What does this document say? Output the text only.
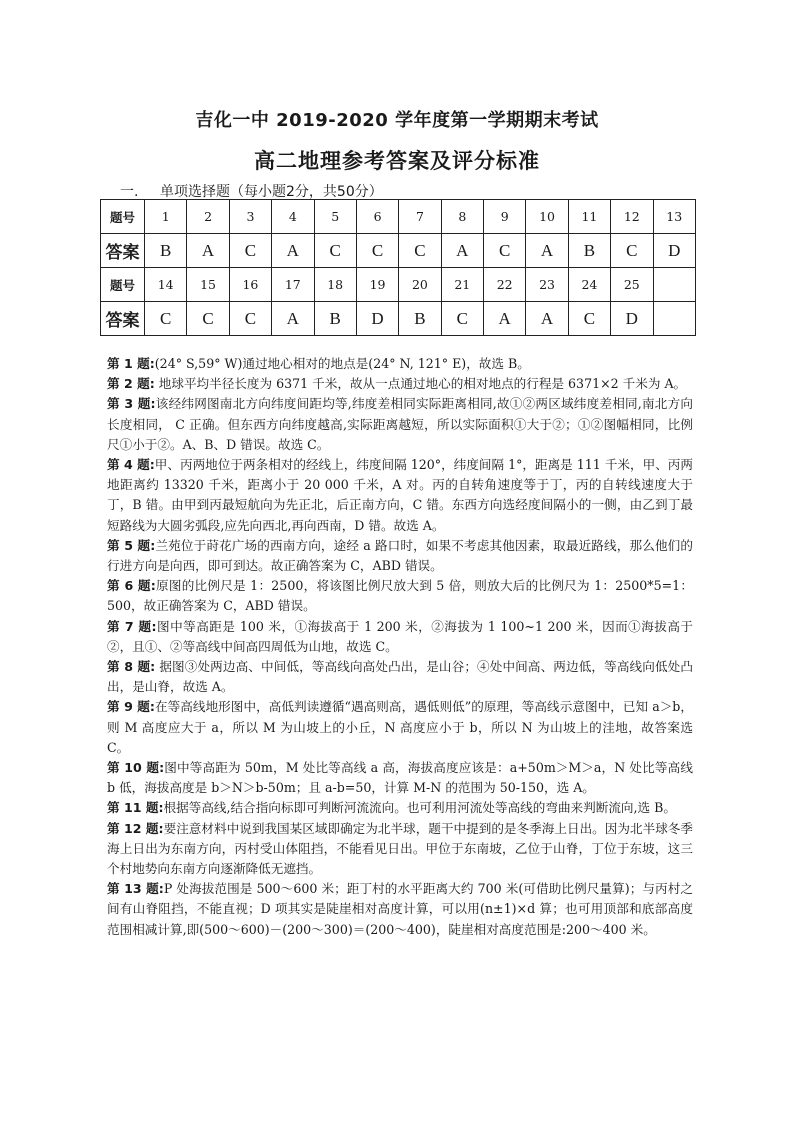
吉化一中 2019-2020 学年度第一学期期末考试
高二地理参考答案及评分标准
一. 单项选择题（每小题2分，共50分）
题号	1	2	3	4	5	6	7	8	9	10	11	12	13
答案	B	A	C	A	C	C	C	A	C	A	B	C	D
题号	14	15	16	17	18	19	20	21	22	23	24	25	
答案	C	C	C	A	B	D	B	C	A	A	C	D	

第 1 题:(24° S,59° W)通过地心相对的地点是(24° N, 121° E)，故选 B。

第 2 题: 地球平均半径长度为 6371 千米，故从一点通过地心的相对地点的行程是 6371×2 千米为 A。

第 3 题:该经纬网图南北方向纬度间距均等,纬度差相同实际距离相同,故①②两区域纬度差相同,南北方向长度相同， C 正确。但东西方向纬度越高,实际距离越短，所以实际面积①大于②；①②图幅相同，比例尺①小于②。A、B、D 错误。故选 C。

第 4 题:甲、丙两地位于两条相对的经线上，纬度间隔 120°，纬度间隔 1°，距离是 111 千米，甲、丙两地距离约 13320 千米，距离小于 20 000 千米，A 对。丙的自转角速度等于丁，丙的自转线速度大于丁，B 错。由甲到丙最短航向为先正北，后正南方向，C 错。东西方向选经度间隔小的一侧，由乙到丁最短路线为大圆劣弧段,应先向西北,再向西南，D 错。故选 A。

第 5 题:兰苑位于莳花广场的西南方向，途经 a 路口时，如果不考虑其他因素，取最近路线，那么他们的行进方向是向西，即可到达。故正确答案为 C，ABD 错误。

第 6 题:原图的比例尺是 1：2500，将该图比例尺放大到 5 倍，则放大后的比例尺为 1：2500*5=1：500，故正确答案为 C，ABD 错误。

第 7 题:图中等高距是 100 米，①海拔高于 1 200 米，②海拔为 1 100~1 200 米，因而①海拔高于②，且①、②等高线中间高四周低为山地，故选 C。

第 8 题: 据图③处两边高、中间低，等高线向高处凸出，是山谷；④处中间高、两边低，等高线向低处凸出，是山脊，故选 A。

第 9 题:在等高线地形图中，高低判读遵循“遇高则高，遇低则低”的原理，等高线示意图中，已知 a＞b，则 M 高度应大于 a，所以 M 为山坡上的小丘，N 高度应小于 b，所以 N 为山坡上的洼地，故答案选 C。

第 10 题:图中等高距为 50m，M 处比等高线 a 高，海拔高度应该是：a+50m＞M＞a，N 处比等高线 b 低，海拔高度是 b＞N＞b-50m；且 a-b=50，计算 M-N 的范围为 50-150，选 A。

第 11 题:根据等高线,结合指向标即可判断河流流向。也可利用河流处等高线的弯曲来判断流向,选 B。

第 12 题:要注意材料中说到我国某区域即确定为北半球，题干中提到的是冬季海上日出。因为北半球冬季海上日出为东南方向，丙村受山体阻挡，不能看见日出。甲位于东南坡，乙位于山脊，丁位于东坡，这三个村地势向东南方向逐渐降低无遮挡。

第 13 题:P 处海拔范围是 500～600 米；距丁村的水平距离大约 700 米(可借助比例尺量算)；与丙村之间有山脊阻挡，不能直视；D 项其实是陡崖相对高度计算，可以用(n±1)×d 算；也可用顶部和底部高度范围相减计算,即(500～600)－(200～300)＝(200～400)，陡崖相对高度范围是:200～400 米。
